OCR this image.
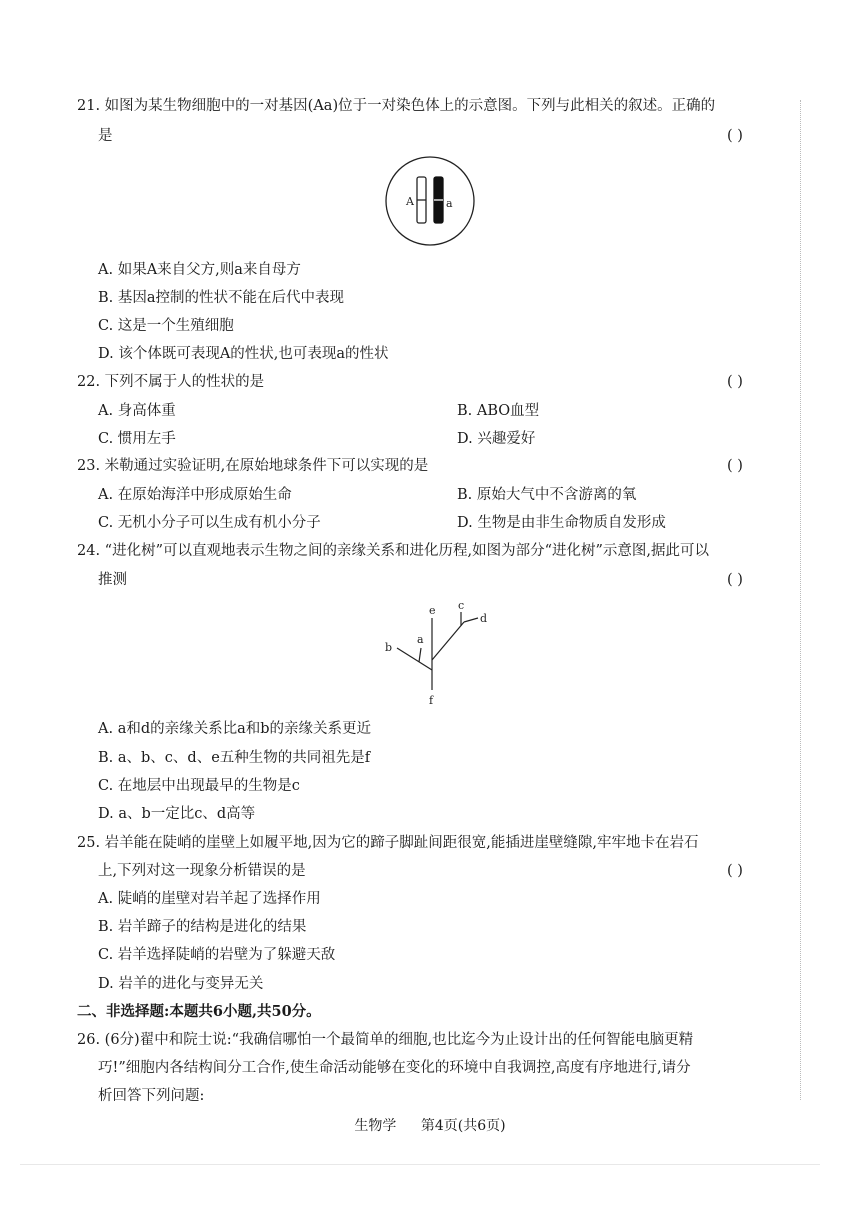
21. 如图为某生物细胞中的一对基因(Aa)位于一对染色体上的示意图。下列与此相关的叙述。正确的
是	( )
A	a
A. 如果A来自父方,则a来自母方
B. 基因a控制的性状不能在后代中表现
C. 这是一个生殖细胞
D. 该个体既可表现A的性状,也可表现a的性状
22. 下列不属于人的性状的是	( )
A. 身高体重	B. ABO血型
C. 惯用左手	D. 兴趣爱好
23. 米勒通过实验证明,在原始地球条件下可以实现的是	( )
A. 在原始海洋中形成原始生命	B. 原始大气中不含游离的氧
C. 无机小分子可以生成有机小分子	D. 生物是由非生命物质自发形成
24. “进化树”可以直观地表示生物之间的亲缘关系和进化历程,如图为部分“进化树”示意图,据此可以
推测	( )
e c
d
a
b
f
A. a和d的亲缘关系比a和b的亲缘关系更近
B. a、b、c、d、e五种生物的共同祖先是f
C. 在地层中出现最早的生物是c
D. a、b一定比c、d高等
25. 岩羊能在陡峭的崖壁上如履平地,因为它的蹄子脚趾间距很宽,能插进崖壁缝隙,牢牢地卡在岩石
上,下列对这一现象分析错误的是	( )
A. 陡峭的崖壁对岩羊起了选择作用
B. 岩羊蹄子的结构是进化的结果
C. 岩羊选择陡峭的岩壁为了躲避天敌
D. 岩羊的进化与变异无关
二、非选择题:本题共6小题,共50分。
26. (6分)翟中和院士说:“我确信哪怕一个最简单的细胞,也比迄今为止设计出的任何智能电脑更精
巧!”细胞内各结构间分工合作,使生命活动能够在变化的环境中自我调控,高度有序地进行,请分
析回答下列问题:
生物学 第4页(共6页)
